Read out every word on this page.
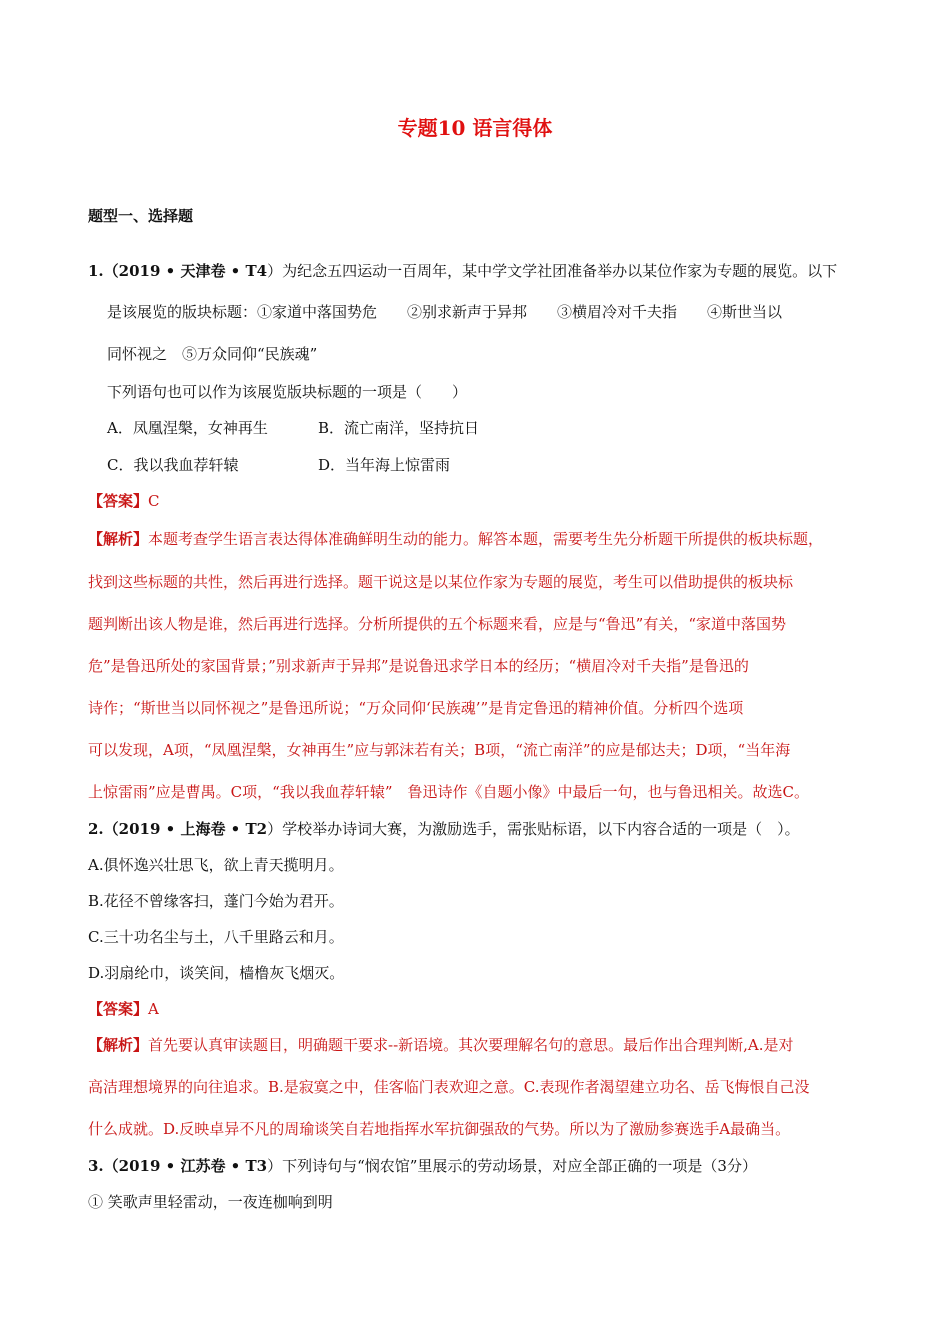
专题10 语言得体
题型一、选择题
1.（2019 • 天津卷 • T4）为纪念五四运动一百周年，某中学文学社团准备举办以某位作家为专题的展览。以下
是该展览的版块标题：①家道中落国势危　　②别求新声于异邦　　③横眉冷对千夫指　　④斯世当以
同怀视之　⑤万众同仰“民族魂”
下列语句也可以作为该展览版块标题的一项是（　　）
A．凤凰涅槃，女神再生	B．流亡南洋，坚持抗日
C．我以我血荐轩辕	D．当年海上惊雷雨
【答案】C
【解析】本题考查学生语言表达得体准确鲜明生动的能力。解答本题，需要考生先分析题干所提供的板块标题，
找到这些标题的共性，然后再进行选择。题干说这是以某位作家为专题的展览，考生可以借助提供的板块标
题判断出该人物是谁，然后再进行选择。分析所提供的五个标题来看，应是与“鲁迅”有关，“家道中落国势
危”是鲁迅所处的家国背景；”别求新声于异邦”是说鲁迅求学日本的经历；“横眉冷对千夫指”是鲁迅的
诗作；“斯世当以同怀视之”是鲁迅所说；“万众同仰‘民族魂’”是肯定鲁迅的精神价值。分析四个选项
可以发现，A项，“凤凰涅槃，女神再生”应与郭沫若有关；B项，“流亡南洋”的应是郁达夫；D项，“当年海
上惊雷雨”应是曹禺。C项，“我以我血荐轩辕”　鲁迅诗作《自题小像》中最后一句，也与鲁迅相关。故选C。
2.（2019 • 上海卷 • T2）学校举办诗词大赛，为激励选手，需张贴标语，以下内容合适的一项是（　）。
A.俱怀逸兴壮思飞，欲上青天揽明月。
B.花径不曾缘客扫，蓬门今始为君开。
C.三十功名尘与土，八千里路云和月。
D.羽扇纶巾，谈笑间，樯橹灰飞烟灭。
【答案】A
【解析】首先要认真审读题目，明确题干要求--新语境。其次要理解名句的意思。最后作出合理判断,A.是对
高洁理想境界的向往追求。B.是寂寞之中，佳客临门表欢迎之意。C.表现作者渴望建立功名、岳飞悔恨自己没
什么成就。D.反映卓异不凡的周瑜谈笑自若地指挥水军抗御强敌的气势。所以为了激励参赛选手A最确当。
3.（2019 • 江苏卷 • T3）下列诗句与“悯农馆”里展示的劳动场景，对应全部正确的一项是（3分）
① 笑歌声里轻雷动，一夜连枷响到明
